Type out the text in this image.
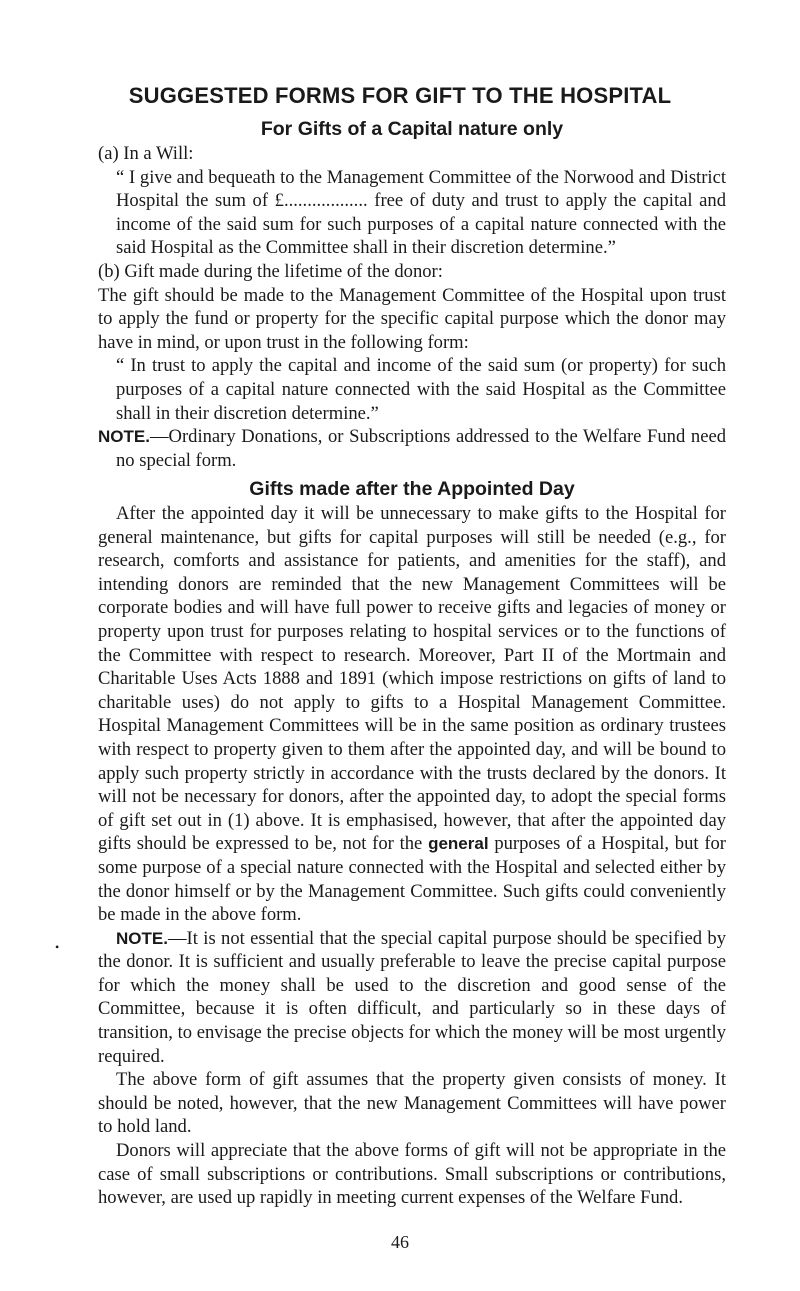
SUGGESTED FORMS FOR GIFT TO THE HOSPITAL
For Gifts of a Capital nature only

(a) In a Will:

“ I give and bequeath to the Management Committee of the Norwood and District Hospital the sum of £.................. free of duty and trust to apply the capital and income of the said sum for such purposes of a capital nature connected with the said Hospital as the Committee shall in their discretion determine.”

(b) Gift made during the lifetime of the donor:

The gift should be made to the Management Committee of the Hospital upon trust to apply the fund or property for the specific capital purpose which the donor may have in mind, or upon trust in the following form:

“ In trust to apply the capital and income of the said sum (or property) for such purposes of a capital nature connected with the said Hospital as the Committee shall in their discretion determine.”

NOTE.—Ordinary Donations, or Subscriptions addressed to the Welfare Fund need no special form.

Gifts made after the Appointed Day

After the appointed day it will be unnecessary to make gifts to the Hospital for general maintenance, but gifts for capital purposes will still be needed (e.g., for research, comforts and assistance for patients, and amenities for the staff), and intending donors are reminded that the new Management Committees will be corporate bodies and will have full power to receive gifts and legacies of money or property upon trust for purposes relating to hospital services or to the functions of the Committee with respect to research. Moreover, Part II of the Mortmain and Charitable Uses Acts 1888 and 1891 (which impose restrictions on gifts of land to charitable uses) do not apply to gifts to a Hospital Management Committee. Hospital Management Committees will be in the same position as ordinary trustees with respect to property given to them after the appointed day, and will be bound to apply such property strictly in accordance with the trusts declared by the donors. It will not be necessary for donors, after the appointed day, to adopt the special forms of gift set out in (1) above. It is emphasised, however, that after the appointed day gifts should be expressed to be, not for the general purposes of a Hospital, but for some purpose of a special nature connected with the Hospital and selected either by the donor himself or by the Management Committee. Such gifts could conveniently be made in the above form.

NOTE.—It is not essential that the special capital purpose should be specified by the donor. It is sufficient and usually preferable to leave the precise capital purpose for which the money shall be used to the discretion and good sense of the Committee, because it is often difficult, and particularly so in these days of transition, to envisage the precise objects for which the money will be most urgently required.

The above form of gift assumes that the property given consists of money. It should be noted, however, that the new Management Committees will have power to hold land.

Donors will appreciate that the above forms of gift will not be appropriate in the case of small subscriptions or contributions. Small subscriptions or contributions, however, are used up rapidly in meeting current expenses of the Welfare Fund.

•
46
